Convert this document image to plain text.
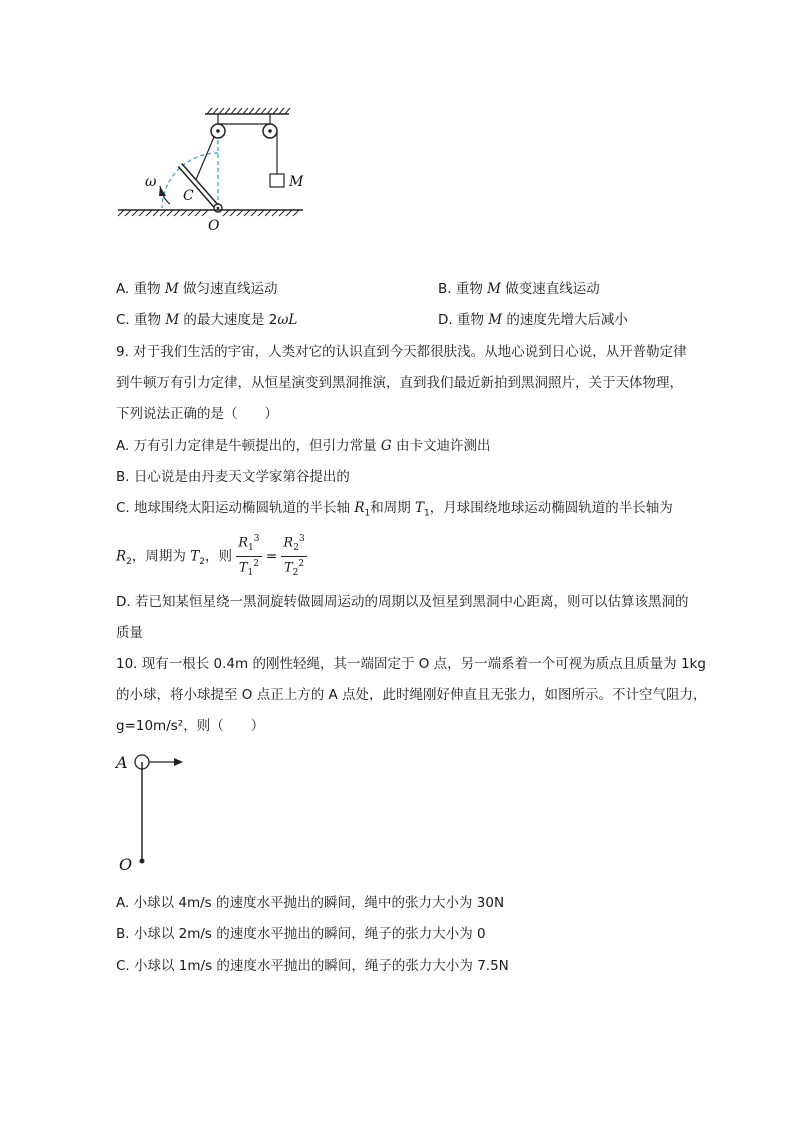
ω
C
O
M
A. 重物 M 做匀速直线运动	B. 重物 M 做变速直线运动
C. 重物 M 的最大速度是 2ωL	D. 重物 M 的速度先增大后减小
9. 对于我们生活的宇宙，人类对它的认识直到今天都很肤浅。从地心说到日心说，从开普勒定律
到牛顿万有引力定律，从恒星演变到黑洞推演，直到我们最近新拍到黑洞照片，关于天体物理，
下列说法正确的是（　　）
A. 万有引力定律是牛顿提出的，但引力常量 G 由卡文迪许测出
B. 日心说是由丹麦天文学家第谷提出的
C. 地球围绕太阳运动椭圆轨道的半长轴 $R_1$和周期 $T_1$，月球围绕地球运动椭圆轨道的半长轴为
$R_2$，周期为 $T_2$，则 $\frac{R_1^3}{T_1^2} = \frac{R_2^3}{T_2^2}$
D. 若已知某恒星绕一黑洞旋转做圆周运动的周期以及恒星到黑洞中心距离，则可以估算该黑洞的
质量
10. 现有一根长 0.4m 的刚性轻绳，其一端固定于 O 点，另一端系着一个可视为质点且质量为 1kg
的小球，将小球提至 O 点正上方的 A 点处，此时绳刚好伸直且无张力，如图所示。不计空气阻力，
g=10m/s²，则（　　）
A
O
A. 小球以 4m/s 的速度水平抛出的瞬间，绳中的张力大小为 30N
B. 小球以 2m/s 的速度水平抛出的瞬间，绳子的张力大小为 0
C. 小球以 1m/s 的速度水平抛出的瞬间，绳子的张力大小为 7.5N
